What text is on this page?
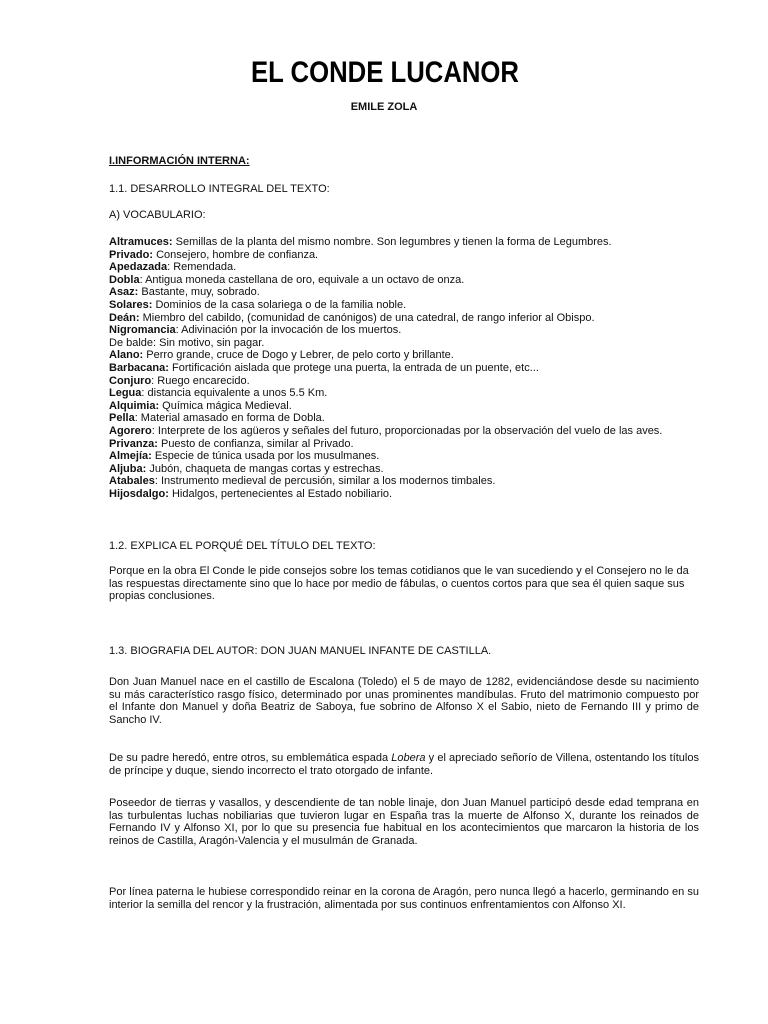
EL CONDE LUCANOR
EMILE ZOLA
I.INFORMACIÓN INTERNA:
1.1. DESARROLLO INTEGRAL DEL TEXTO:
A) VOCABULARIO:

Altramuces: Semillas de la planta del mismo nombre. Son legumbres y tienen la forma de Legumbres.

Privado: Consejero, hombre de confianza.

Apedazada: Remendada.

Dobla: Antigua moneda castellana de oro, equivale a un octavo de onza.

Asaz: Bastante, muy, sobrado.

Solares: Dominios de la casa solariega o de la familia noble.

Deán: Miembro del cabildo, (comunidad de canónigos) de una catedral, de rango inferior al Obispo.

Nigromancia: Adivinación por la invocación de los muertos.

De balde: Sin motivo, sin pagar.

Alano: Perro grande, cruce de Dogo y Lebrer, de pelo corto y brillante.

Barbacana: Fortificación aislada que protege una puerta, la entrada de un puente, etc...

Conjuro: Ruego encarecido.

Legua: distancia equivalente a unos 5.5 Km.

Alquimia: Química mágica Medieval.

Pella: Material amasado en forma de Dobla.

Agorero: Interprete de los agüeros y señales del futuro, proporcionadas por la observación del vuelo de las aves.

Privanza: Puesto de confianza, similar al Privado.

Almejía: Especie de túnica usada por los musulmanes.

Aljuba: Jubón, chaqueta de mangas cortas y estrechas.

Atabales: Instrumento medieval de percusión, similar a los modernos timbales.

Hijosdalgo: Hidalgos, pertenecientes al Estado nobiliario.

1.2. EXPLICA EL PORQUÉ DEL TÍTULO DEL TEXTO:

Porque en la obra El Conde le pide consejos sobre los temas cotidianos que le van sucediendo y el Consejero no le da las respuestas directamente sino que lo hace por medio de fábulas, o cuentos cortos para que sea él quien saque sus propias conclusiones.

1.3. BIOGRAFIA DEL AUTOR: DON JUAN MANUEL INFANTE DE CASTILLA.

Don Juan Manuel nace en el castillo de Escalona (Toledo) el 5 de mayo de 1282, evidenciándose desde su nacimiento su más característico rasgo físico, determinado por unas prominentes mandíbulas. Fruto del matrimonio compuesto por el Infante don Manuel y doña Beatriz de Saboya, fue sobrino de Alfonso X el Sabio, nieto de Fernando III y primo de Sancho IV.

De su padre heredó, entre otros, su emblemática espada Lobera y el apreciado señorío de Villena, ostentando los títulos de príncipe y duque, siendo incorrecto el trato otorgado de infante.

Poseedor de tierras y vasallos, y descendiente de tan noble linaje, don Juan Manuel participó desde edad temprana en las turbulentas luchas nobiliarias que tuvieron lugar en España tras la muerte de Alfonso X, durante los reinados de Fernando IV y Alfonso XI, por lo que su presencia fue habitual en los acontecimientos que marcaron la historia de los reinos de Castilla, Aragón-Valencia y el musulmán de Granada.

Por línea paterna le hubiese correspondido reinar en la corona de Aragón, pero nunca llegó a hacerlo, germinando en su interior la semilla del rencor y la frustración, alimentada por sus continuos enfrentamientos con Alfonso XI.
